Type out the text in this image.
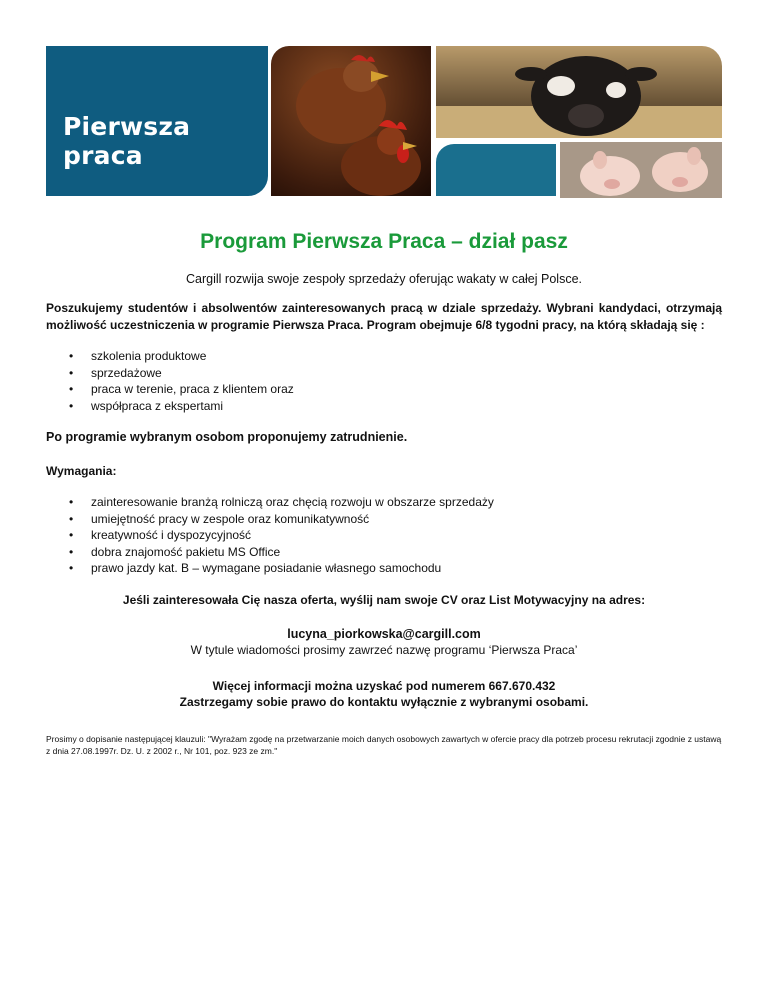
Pierwsza praca
Program Pierwsza Praca – dział pasz
Cargill rozwija swoje zespoły sprzedaży oferując wakaty w całej Polsce.
Poszukujemy studentów i absolwentów zainteresowanych pracą w dziale sprzedaży. Wybrani kandydaci, otrzymają możliwość uczestniczenia w programie Pierwsza Praca. Program obejmuje 6/8 tygodni pracy, na którą składają się :
• szkolenia produktowe
• sprzedażowe
• praca w terenie, praca z klientem oraz
• współpraca z ekspertami
Po programie wybranym osobom proponujemy zatrudnienie.
Wymagania:
• zainteresowanie branżą rolniczą oraz chęcią rozwoju w obszarze sprzedaży
• umiejętność pracy w zespole oraz komunikatywność
• kreatywność i dyspozycyjność
• dobra znajomość pakietu MS Office
• prawo jazdy kat. B – wymagane posiadanie własnego samochodu
Jeśli zainteresowała Cię nasza oferta, wyślij nam swoje CV oraz List Motywacyjny na adres:
lucyna_piorkowska@cargill.com
W tytule wiadomości prosimy zawrzeć nazwę programu ‘Pierwsza Praca’
Więcej informacji można uzyskać pod numerem 667.670.432
Zastrzegamy sobie prawo do kontaktu wyłącznie z wybranymi osobami.
Prosimy o dopisanie następującej klauzuli: "Wyrażam zgodę na przetwarzanie moich danych osobowych zawartych w ofercie pracy dla potrzeb procesu rekrutacji zgodnie z ustawą z dnia 27.08.1997r. Dz. U. z 2002 r., Nr 101, poz. 923 ze zm."
